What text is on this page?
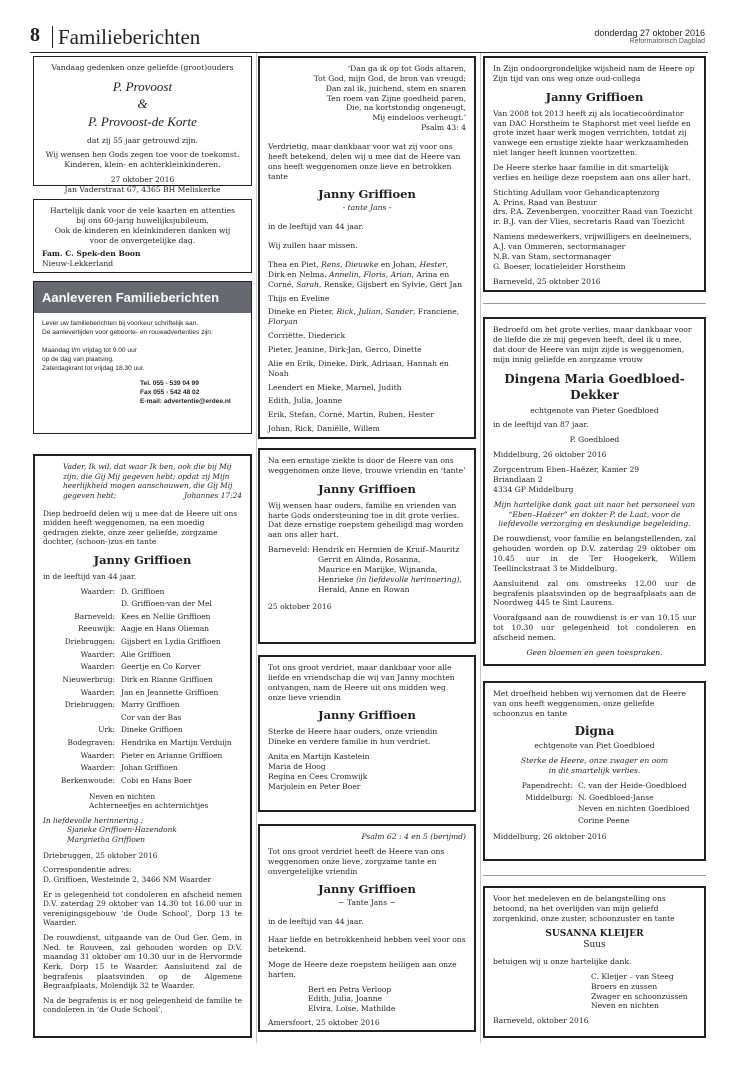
8 Familieberichten	donderdag 27 oktober 2016
Reformatorisch Dagblad

Vandaag gedenken onze geliefde (groot)ouders

P. Provoost
&
P. Provoost-de Korte

dat zij 55 jaar getrouwd zijn.

Wij wensen hen Gods zegen toe voor de toekomst.

Kinderen, klein- en achterkleinkinderen.

27 oktober 2016
Jan Vaderstraat 67, 4365 BH Meliskerke
Hartelijk dank voor de vele kaarten en attenties
bij ons 60-jarig huwelijksjubileum.
Ook de kinderen en kleinkinderen danken wij
voor de onvergetelijke dag.
Fam. C. Spek-den Boon
Nieuw-Lekkerland
Aanleveren Familieberichten
Lever uw familieberichten bij voorkeur schriftelijk aan.

De aanlevertijden voor geboorte- en rouwadvertenties zijn:

Maandag t/m vrijdag tot 9.00 uur
op de dag van plaatsing.

Zaterdagkrant tot vrijdag 18.30 uur.

Tel. 055 - 539 04 99
Fax 055 - 542 48 02
E-mail: advertentie@erdee.nl
Vader, Ik wil, dat waar Ik ben, ook die bij Mij
zijn, die Gij Mij gegeven hebt; opdat zij Mijn
heerlijkheid mogen aanschouwen, die Gij Mij
gegeven hebt;	Johannes 17:24

Diep bedroefd delen wij u mee dat de Heere uit ons midden heeft weggenomen, na een moedig gedragen ziekte, onze zeer geliefde, zorgzame dochter, (schoon-)zus en tante

Janny Griffioen

in de leeftijd van 44 jaar.

Waarder: D. Griffioen
D. Griffioen-van der Mel
Barneveld: Kees en Nellie Griffioen
Reeuwijk: Aagje en Hans Olieman
Driebruggen: Gijsbert en Lydia Griffioen
Waarder: Alie Griffioen
Waarder: Geertje en Co Korver
Nieuwerbrug: Dirk en Rianne Griffioen
Waarder: Jan en Jeannette Griffioen
Driebruggen: Marry Griffioen
Cor van der Bas
Urk: Dineke Griffioen
Bodegraven: Hendrika en Martijn Verduijn
Waarder: Pieter en Arianne Griffioen
Waarder: Johan Griffioen
Berkenwoude: Cobi en Hans Boer
Neven en nichten
Achterneefjes en achternichtjes
In liefdevolle herinnering :
Sjaneke Griffioen-Hazendonk
Margrietha Griffioen

Driebruggen, 25 oktober 2016

Correspondentie adres:

D. Griffioen, Westeinde 2, 3466 NM Waarder

Er is gelegenheid tot condoleren en afscheid nemen D.V. zaterdag 29 oktober van 14.30 tot 16.00 uur in verenigingsgebouw ‘de Oude School’, Dorp 13 te Waarder.

De rouwdienst, uitgaande van de Oud Ger. Gem. in Ned. te Rouveen, zal gehouden worden op D.V. maandag 31 oktober om 10.30 uur in de Hervormde Kerk, Dorp 15 te Waarder. Aansluitend zal de begrafenis plaatsvinden op de Algemene Begraafplaats, Molendijk 32 te Waarder.

Na de begrafenis is er nog gelegenheid de familie te condoleren in ‘de Oude School’.

‘Dan ga ik op tot Gods altaren,
Tot God, mijn God, de bron van vreugd;
Dan zal ik, juichend, stem en snaren
Ten roem van Zijne goedheid paren,
Die, na kortstondig ongeneugt,
Mij eindeloos verheugt.’

Psalm 43: 4

Verdrietig, maar dankbaar voor wat zij voor ons heeft betekend, delen wij u mee dat de Heere van ons heeft weggenomen onze lieve en betrokken tante

Janny Griffioen

- tante Jans -

in de leeftijd van 44 jaar.

Wij zullen haar missen.

Thea en Piet, Rens, Dieuwke en Johan, Hester, Dirk en Nelma, Annelin, Floris, Arian, Arina en Corné, Sarah, Renske, Gijsbert en Sylvie, Gert Jan

Thijs en Eveline

Dineke en Pieter, Rick, Julian, Sander, Franciene, Floryan

Corriëtte, Diederick

Pieter, Jeanine, Dirk-Jan, Gerco, Dinette

Alie en Erik, Dineke, Dirk, Adriaan, Hannah en Noah

Leendert en Mieke, Marnel, Judith

Edith, Julia, Joanne

Erik, Stefan, Corné, Martin, Ruben, Hester

Johan, Rick, Daniëlle, Willem

Na een ernstige ziekte is door de Heere van ons weggenomen onze lieve, trouwe vriendin en ‘tante’

Janny Griffioen

Wij wensen haar ouders, familie en vrienden van harte Gods ondersteuning toe in dit grote verlies. Dat deze ernstige roepstem geheiligd mag worden aan ons aller hart.

Barneveld: Hendrik en Hermien de Kruif–Mauritz
Gerrit en Alinda, Rosanna,
Maurice en Marijke, Wijnanda,
Henrieke (in liefdevolle herinnering),
Herald, Anne en Rowan
25 oktober 2016

Tot ons groot verdriet, maar dankbaar voor alle liefde en vriendschap die wij van Janny mochten ontvangen, nam de Heere uit ons midden weg onze lieve vriendin

Janny Griffioen

Sterke de Heere haar ouders, onze vriendin Dineke en verdere familie in hun verdriet.

Anita en Martijn Kastelein
Maria de Hoog
Regina en Cees Cromwijk
Marjolein en Peter Boer

Psalm 62 : 4 en 5 (berijmd)

Tot ons groot verdriet heeft de Heere van ons weggenomen onze lieve, zorgzame tante en onvergetelijke vriendin

Janny Griffioen

~ Tante Jans ~

in de leeftijd van 44 jaar.

Haar liefde en betrokkenheid hebben veel voor ons betekend.

Moge de Heere deze roepstem heiligen aan onze harten.

Bert en Petra Verloop
Edith, Julia, Joanne
Elvira, Loïse, Mathilde
Amersfoort, 25 oktober 2016

In Zijn ondoorgrondelijke wijsheid nam de Heere op Zijn tijd van ons weg onze oud-collega

Janny Griffioen

Van 2008 tot 2013 heeft zij als locatiecoördinator van DAC Horstheim te Staphorst met veel liefde en grote inzet haar werk mogen verrichten, totdat zij vanwege een ernstige ziekte haar werkzaamheden niet langer heeft kunnen voortzetten.

De Heere sterke haar familie in dit smartelijk verlies en heilige deze roepstem aan ons aller hart.

Stichting Adullam voor Gehandicaptenzorg
A. Prins, Raad van Bestuur
drs. P.A. Zevenbergen, voorzitter Raad van Toezicht

ir. B.J. van der Vlies, secretaris Raad van Toezicht

Namens medewerkers, vrijwilligers en deelnemers,
A.J. van Ommeren, sectormanager
N.B. van Stam, sectormanager

G. Boeser, locatieleider Horstheim

Barneveld, 25 oktober 2016

Bedroefd om het grote verlies, maar dankbaar voor de liefde die ze mij gegeven heeft, deel ik u mee, dat door de Heere van mijn zijde is weggenomen, mijn innig geliefde en zorgzame vrouw

Dingena Maria Goedbloed-
Dekker

echtgenote van Pieter Goedbloed

in de leeftijd van 87 jaar.

P. Goedbloed

Middelburg, 26 oktober 2016

Zorgcentrum Eben–Haëzer, Kamer 29
Briandlaan 2

4334 GP Middelburg

Mijn hartelijke dank gaat uit naar het personeel van “Eben–Haëzer” en dokter P. de Laat, voor de liefdevolle verzorging en deskundige begeleiding.

De rouwdienst, voor familie en belangstellenden, zal gehouden worden op D.V. zaterdag 29 oktober om 10.45 uur in de Ter Hoogekerk, Willem Teellinckstraat 3 te Middelburg.

Aansluitend zal om omstreeks 12.00 uur de begrafenis plaatsvinden op de begraafplaats aan de Noordweg 445 te Sint Laurens.

Voorafgaand aan de rouwdienst is er van 10.15 uur tot 10.30 uur gelegenheid tot condoleren en afscheid nemen.

Geen bloemen en geen toespraken.

Met droefheid hebben wij vernomen dat de Heere van ons heeft weggenomen, onze geliefde schoonzus en tante

Digna

echtgenote van Piet Goedbloed

Sterke de Heere, onze zwager en oom

in dit smartelijk verlies.

Papendrecht: C. van der Heide-Goedbloed
Middelburg: N. Goedbloed-Janse
Neven en nichten Goedbloed
Corine Peene
Middelburg, 26 oktober 2016

Voor het medeleven en de belangstelling ons betoond, na het overlijden van mijn geliefd zorgenkind, onze zuster, schoonzuster en tante

SUSANNA KLEIJER

Suus

betuigen wij u onze hartelijke dank.

C. Kleijer – van Steeg
Broers en zussen
Zwager en schoonzussen
Neven en nichten
Barneveld, oktober 2016
